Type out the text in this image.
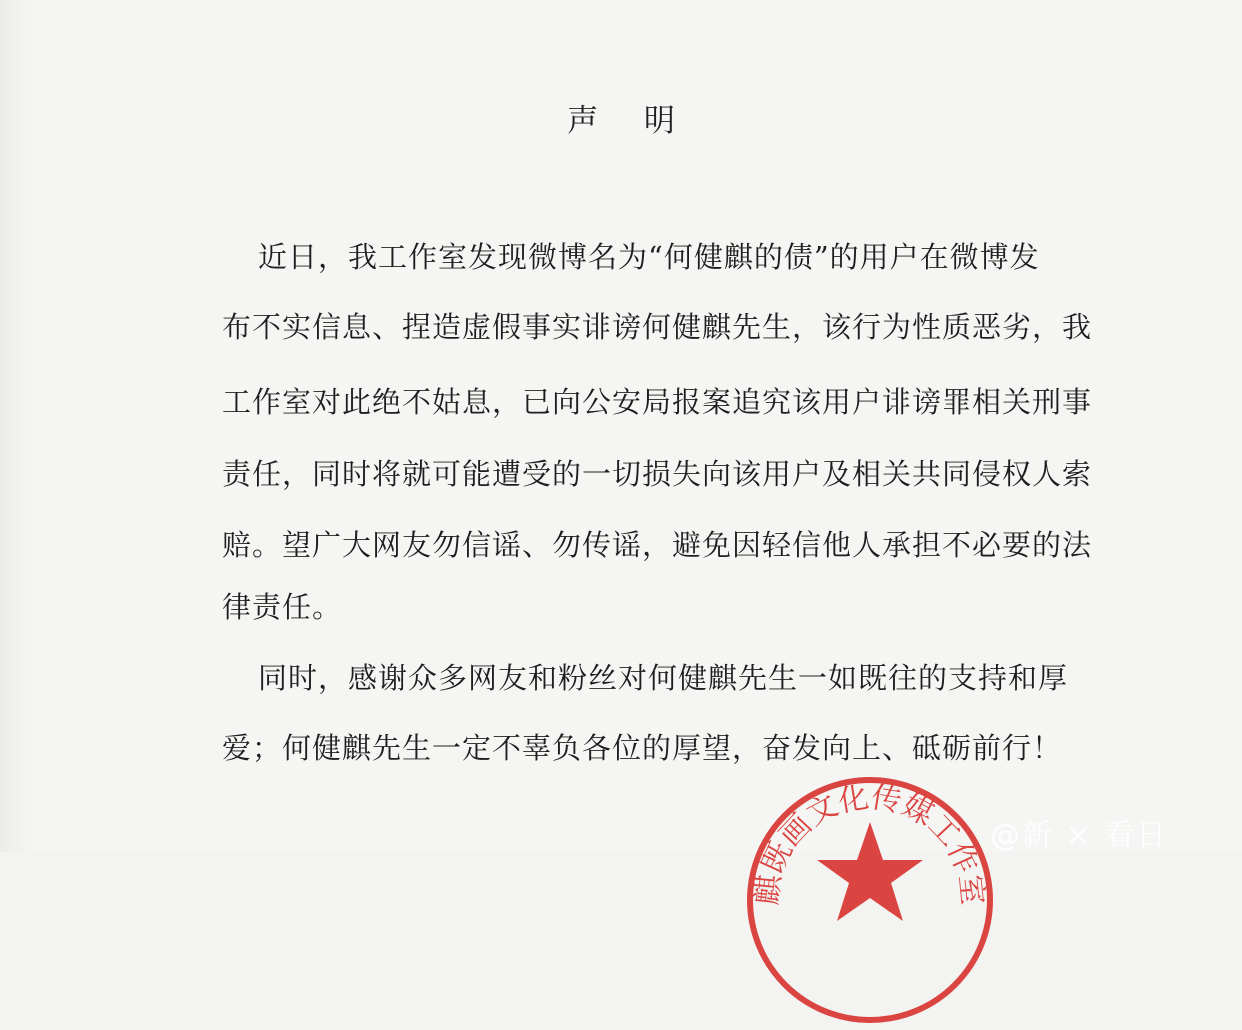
声 明
近日，我工作室发现微博名为“何健麒的债”的用户在微博发
布不实信息、捏造虚假事实诽谤何健麒先生，该行为性质恶劣，我
工作室对此绝不姑息，已向公安局报案追究该用户诽谤罪相关刑事
责任，同时将就可能遭受的一切损失向该用户及相关共同侵权人索
赔。望广大网友勿信谣、勿传谣，避免因轻信他人承担不必要的法
律责任。
同时，感谢众多网友和粉丝对何健麒先生一如既往的支持和厚
爱；何健麒先生一定不辜负各位的厚望，奋发向上、砥砺前行！
麒既画文化传媒工作室
@新 × 看日
